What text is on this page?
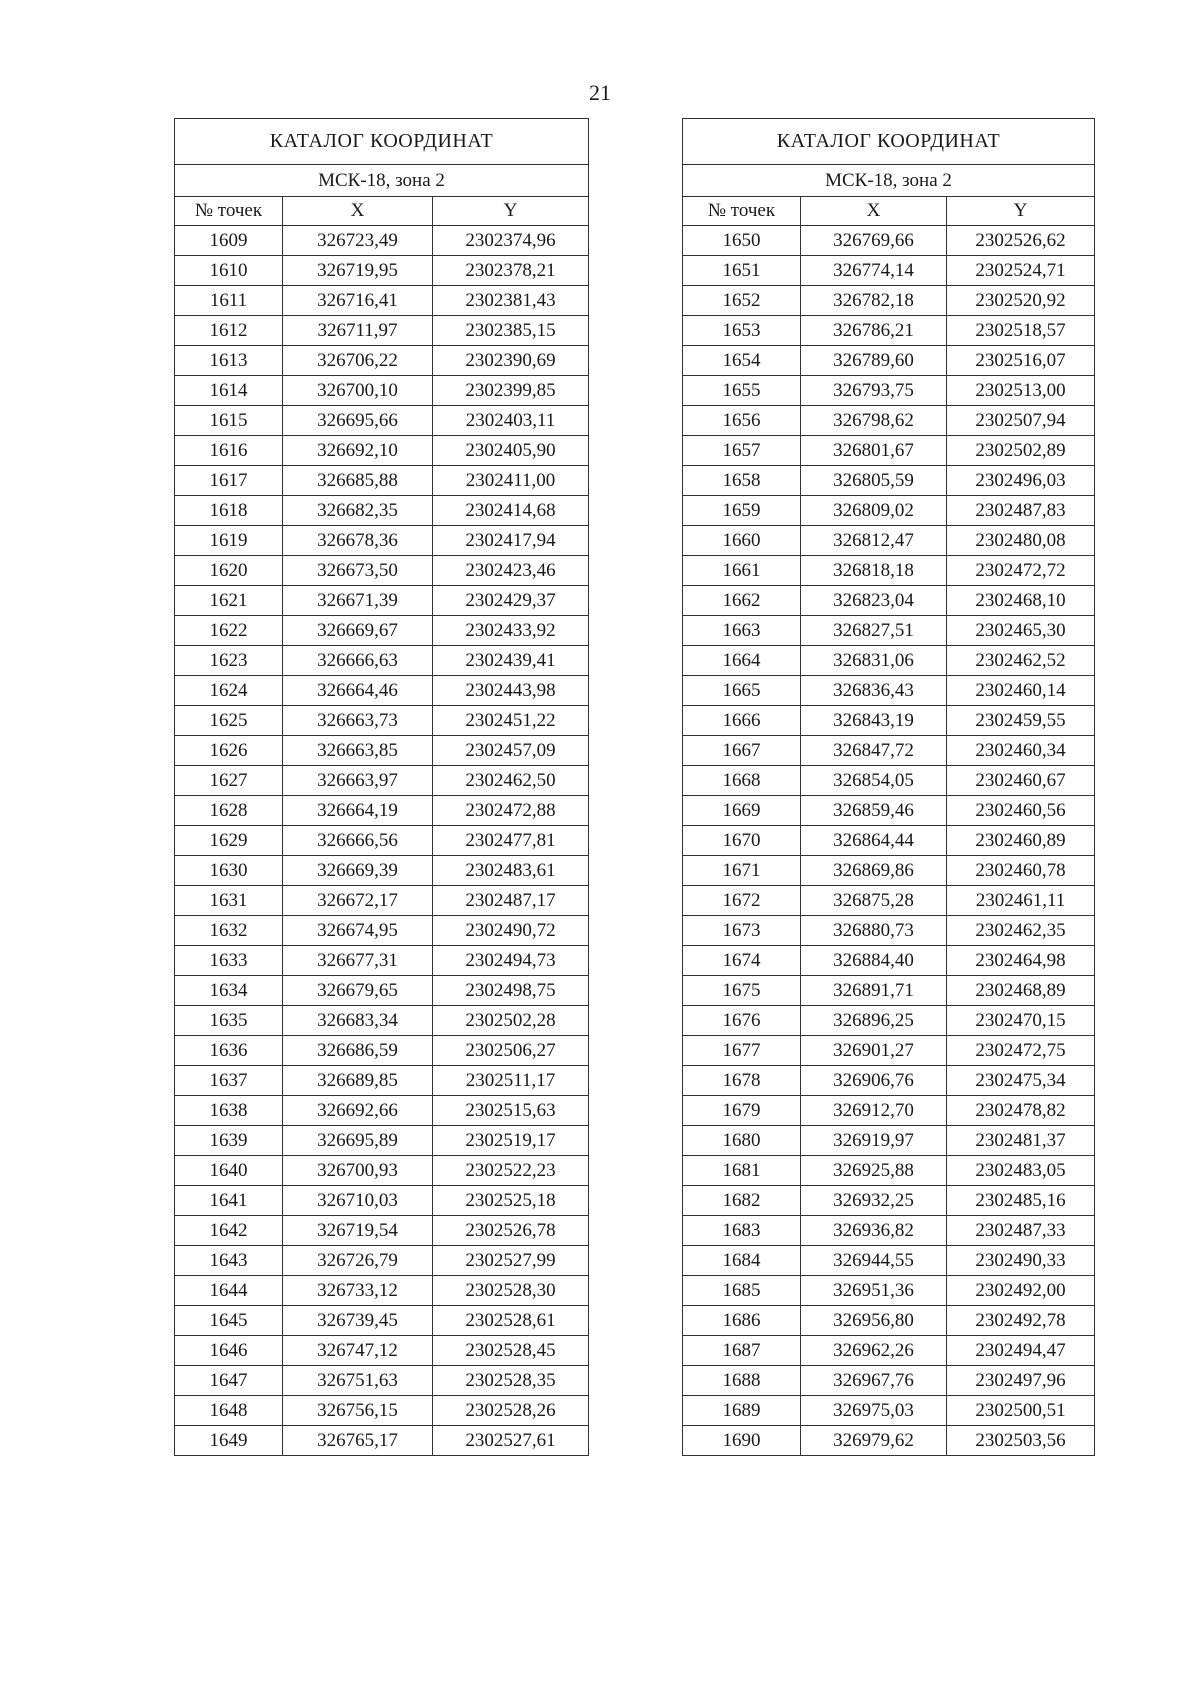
21
КАТАЛОГ КООРДИНАТ		
МСК-18, зона 2		
№ точек	X	Y
1609	326723,49	2302374,96
1610	326719,95	2302378,21
1611	326716,41	2302381,43
1612	326711,97	2302385,15
1613	326706,22	2302390,69
1614	326700,10	2302399,85
1615	326695,66	2302403,11
1616	326692,10	2302405,90
1617	326685,88	2302411,00
1618	326682,35	2302414,68
1619	326678,36	2302417,94
1620	326673,50	2302423,46
1621	326671,39	2302429,37
1622	326669,67	2302433,92
1623	326666,63	2302439,41
1624	326664,46	2302443,98
1625	326663,73	2302451,22
1626	326663,85	2302457,09
1627	326663,97	2302462,50
1628	326664,19	2302472,88
1629	326666,56	2302477,81
1630	326669,39	2302483,61
1631	326672,17	2302487,17
1632	326674,95	2302490,72
1633	326677,31	2302494,73
1634	326679,65	2302498,75
1635	326683,34	2302502,28
1636	326686,59	2302506,27
1637	326689,85	2302511,17
1638	326692,66	2302515,63
1639	326695,89	2302519,17
1640	326700,93	2302522,23
1641	326710,03	2302525,18
1642	326719,54	2302526,78
1643	326726,79	2302527,99
1644	326733,12	2302528,30
1645	326739,45	2302528,61
1646	326747,12	2302528,45
1647	326751,63	2302528,35
1648	326756,15	2302528,26
1649	326765,17	2302527,61
КАТАЛОГ КООРДИНАТ		
МСК-18, зона 2		
№ точек	X	Y
1650	326769,66	2302526,62
1651	326774,14	2302524,71
1652	326782,18	2302520,92
1653	326786,21	2302518,57
1654	326789,60	2302516,07
1655	326793,75	2302513,00
1656	326798,62	2302507,94
1657	326801,67	2302502,89
1658	326805,59	2302496,03
1659	326809,02	2302487,83
1660	326812,47	2302480,08
1661	326818,18	2302472,72
1662	326823,04	2302468,10
1663	326827,51	2302465,30
1664	326831,06	2302462,52
1665	326836,43	2302460,14
1666	326843,19	2302459,55
1667	326847,72	2302460,34
1668	326854,05	2302460,67
1669	326859,46	2302460,56
1670	326864,44	2302460,89
1671	326869,86	2302460,78
1672	326875,28	2302461,11
1673	326880,73	2302462,35
1674	326884,40	2302464,98
1675	326891,71	2302468,89
1676	326896,25	2302470,15
1677	326901,27	2302472,75
1678	326906,76	2302475,34
1679	326912,70	2302478,82
1680	326919,97	2302481,37
1681	326925,88	2302483,05
1682	326932,25	2302485,16
1683	326936,82	2302487,33
1684	326944,55	2302490,33
1685	326951,36	2302492,00
1686	326956,80	2302492,78
1687	326962,26	2302494,47
1688	326967,76	2302497,96
1689	326975,03	2302500,51
1690	326979,62	2302503,56
